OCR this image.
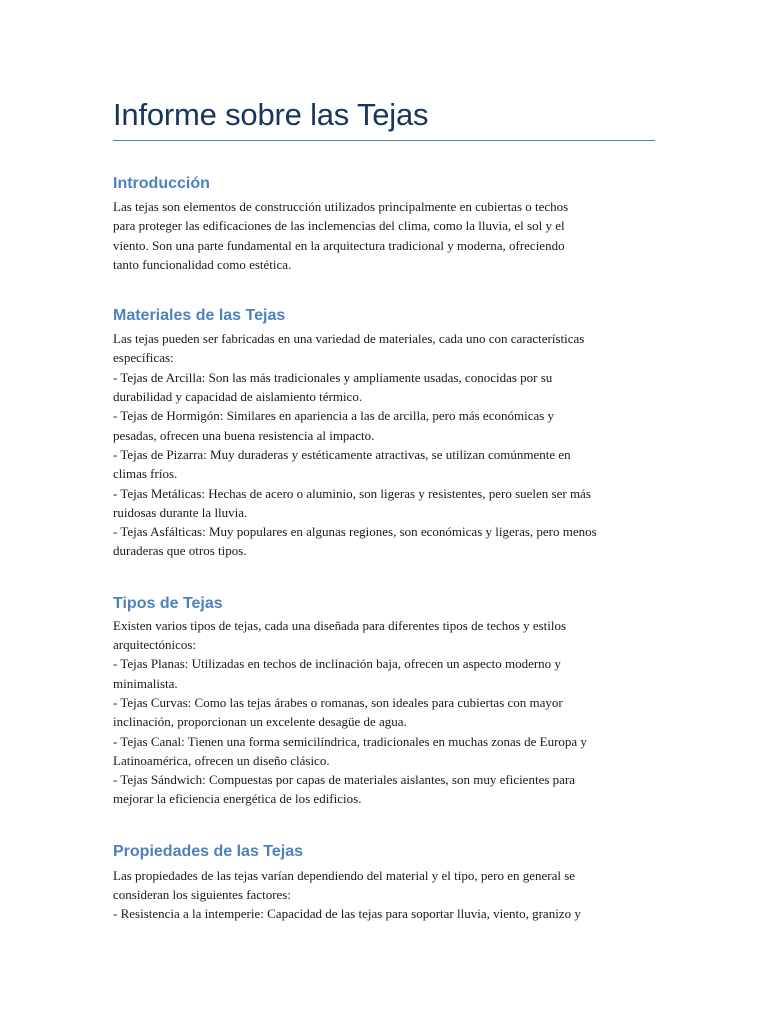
Informe sobre las Tejas
Introducción

Las tejas son elementos de construcción utilizados principalmente en cubiertas o techos
para proteger las edificaciones de las inclemencias del clima, como la lluvia, el sol y el
viento. Son una parte fundamental en la arquitectura tradicional y moderna, ofreciendo
tanto funcionalidad como estética.

Materiales de las Tejas

Las tejas pueden ser fabricadas en una variedad de materiales, cada uno con características
específicas:
- Tejas de Arcilla: Son las más tradicionales y ampliamente usadas, conocidas por su
durabilidad y capacidad de aislamiento térmico.
- Tejas de Hormigón: Similares en apariencia a las de arcilla, pero más económicas y
pesadas, ofrecen una buena resistencia al impacto.
- Tejas de Pizarra: Muy duraderas y estéticamente atractivas, se utilizan comúnmente en
climas fríos.
- Tejas Metálicas: Hechas de acero o aluminio, son ligeras y resistentes, pero suelen ser más
ruidosas durante la lluvia.
- Tejas Asfálticas: Muy populares en algunas regiones, son económicas y ligeras, pero menos
duraderas que otros tipos.

Tipos de Tejas

Existen varios tipos de tejas, cada una diseñada para diferentes tipos de techos y estilos
arquitectónicos:
- Tejas Planas: Utilizadas en techos de inclinación baja, ofrecen un aspecto moderno y
minimalista.
- Tejas Curvas: Como las tejas árabes o romanas, son ideales para cubiertas con mayor
inclinación, proporcionan un excelente desagüe de agua.
- Tejas Canal: Tienen una forma semicilíndrica, tradicionales en muchas zonas de Europa y
Latinoamérica, ofrecen un diseño clásico.
- Tejas Sándwich: Compuestas por capas de materiales aislantes, son muy eficientes para
mejorar la eficiencia energética de los edificios.

Propiedades de las Tejas

Las propiedades de las tejas varían dependiendo del material y el tipo, pero en general se
consideran los siguientes factores:
- Resistencia a la intemperie: Capacidad de las tejas para soportar lluvia, viento, granizo y
